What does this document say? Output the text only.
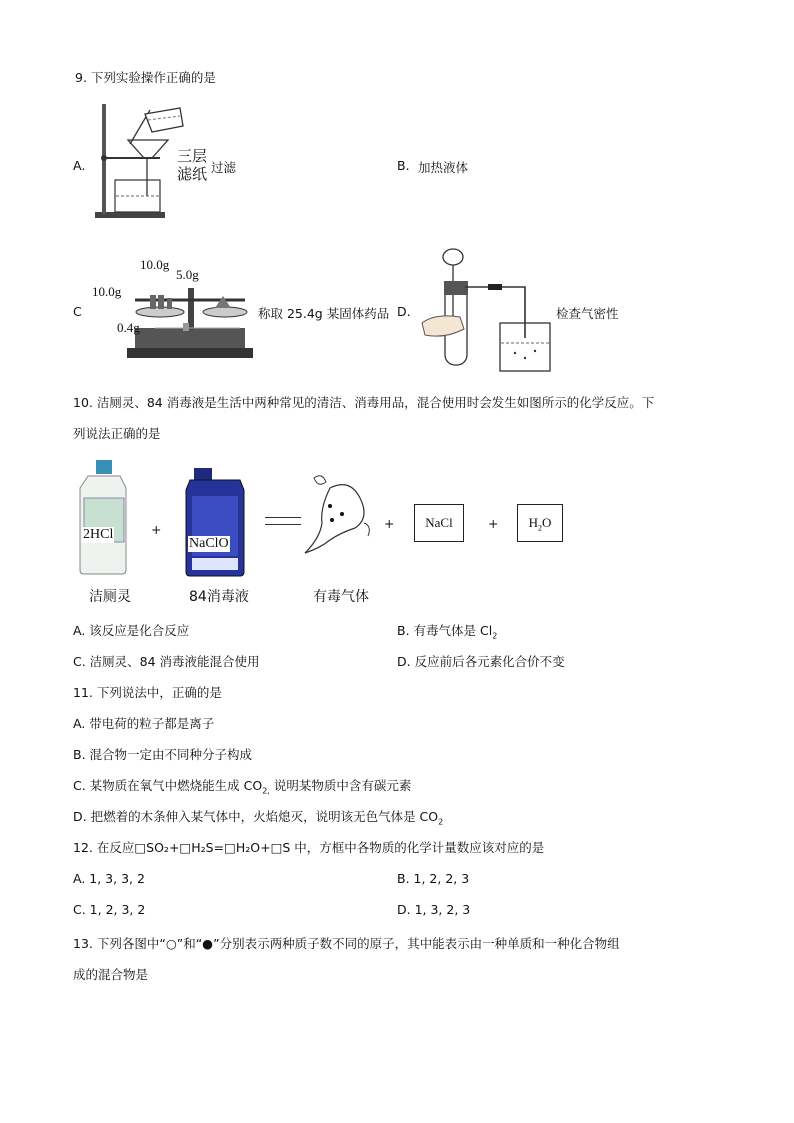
9. 下列实验操作正确的是
A.
三层
滤纸 过滤	B. 加热液体
C
10.0g
5.0g
10.0g
0.4g
称取 25.4g 某固体药品 D.	检查气密性
10. 洁厕灵、84 消毒液是生活中两种常见的清洁、消毒用品，混合使用时会发生如图所示的化学反应。下
列说法正确的是
2HCl
洁厕灵
+
NaClO
84消毒液	有毒气体
+	NaCl	+	$H_2O$
A. 该反应是化合反应	B. 有毒气体是 $Cl_2$
C. 洁厕灵、84 消毒液能混合使用	D. 反应前后各元素化合价不变
11. 下列说法中，正确的是
A. 带电荷的粒子都是离子
B. 混合物一定由不同种分子构成
C. 某物质在氧气中燃烧能生成 $CO_{2,}$ 说明某物质中含有碳元素
D. 把燃着的木条伸入某气体中，火焰熄灭，说明该无色气体是 $CO_2$
12. 在反应□SO₂+□H₂S=□H₂O+□S 中，方框中各物质的化学计量数应该对应的是
A. 1, 3, 3, 2	B. 1, 2, 2, 3
C. 1, 2, 3, 2	D. 1, 3, 2, 3
13. 下列各图中“○”和“●”分别表示两种质子数不同的原子，其中能表示由一种单质和一种化合物组
成的混合物是
